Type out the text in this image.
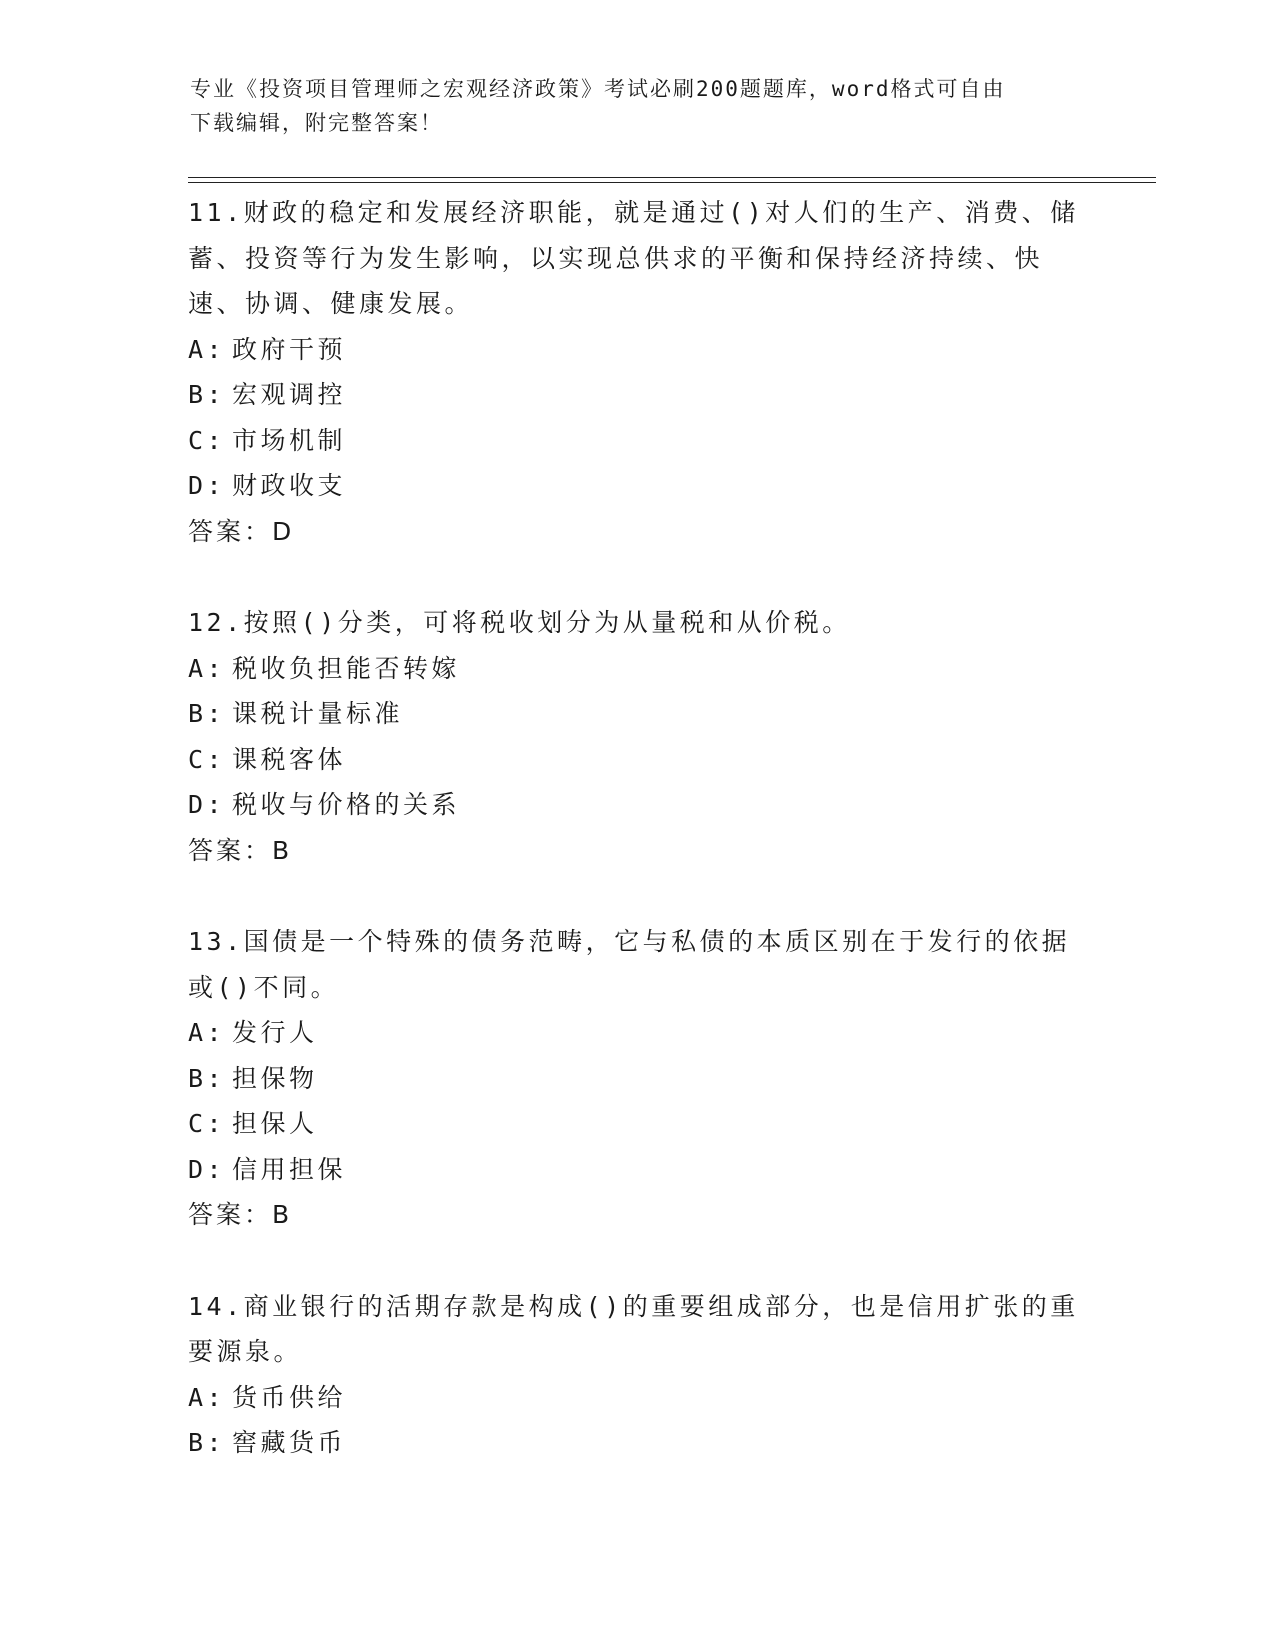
专业《投资项目管理师之宏观经济政策》考试必刷200题题库，word格式可自由
下载编辑，附完整答案！
11.财政的稳定和发展经济职能，就是通过()对人们的生产、消费、储
蓄、投资等行为发生影响，以实现总供求的平衡和保持经济持续、快
速、协调、健康发展。
A: 政府干预
B: 宏观调控
C: 市场机制
D: 财政收支
答案：D
12.按照()分类，可将税收划分为从量税和从价税。
A: 税收负担能否转嫁
B: 课税计量标准
C: 课税客体
D: 税收与价格的关系
答案：B
13.国债是一个特殊的债务范畴，它与私债的本质区别在于发行的依据
或()不同。
A: 发行人
B: 担保物
C: 担保人
D: 信用担保
答案：B
14.商业银行的活期存款是构成()的重要组成部分，也是信用扩张的重
要源泉。
A: 货币供给
B: 窖藏货币
